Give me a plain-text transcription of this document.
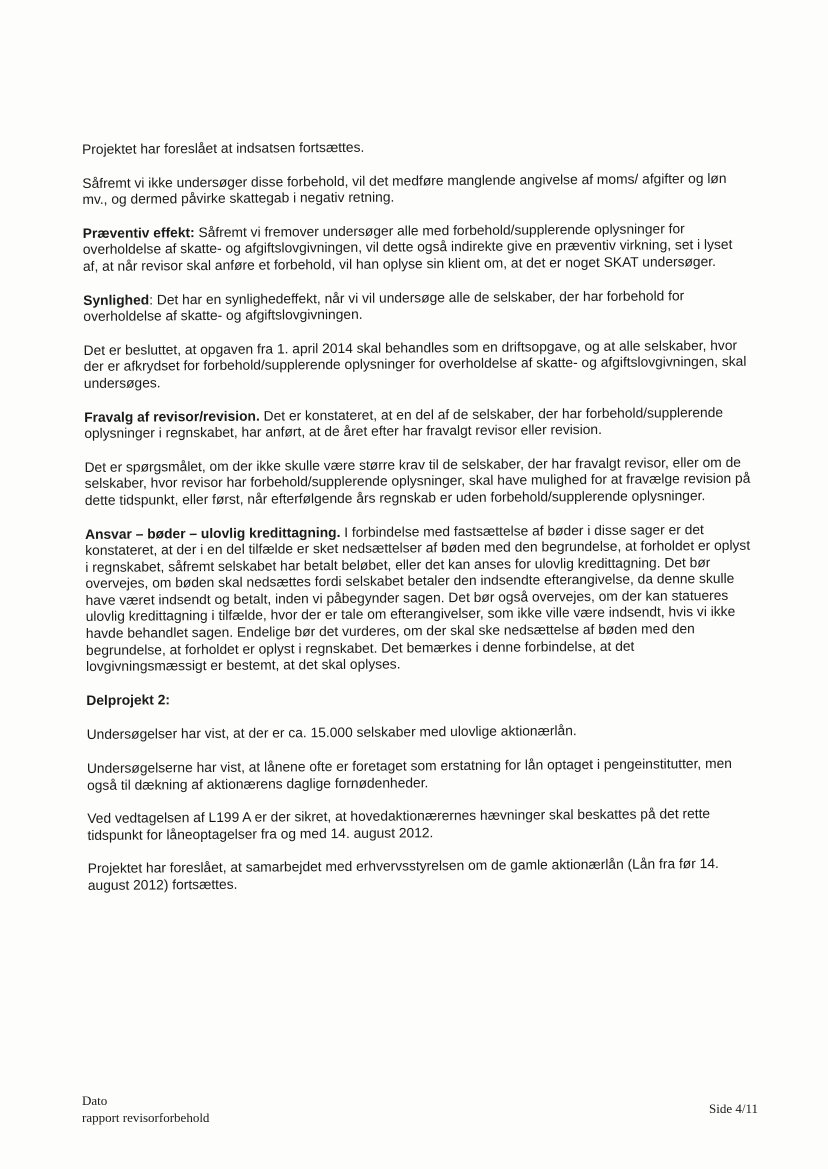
Projektet har foreslået at indsatsen fortsættes.

Såfremt vi ikke undersøger disse forbehold, vil det medføre manglende angivelse af moms/ afgifter og løn mv., og dermed påvirke skattegab i negativ retning.

Præventiv effekt: Såfremt vi fremover undersøger alle med forbehold/supplerende oplysninger for overholdelse af skatte- og afgiftslovgivningen, vil dette også indirekte give en præventiv virkning, set i lyset af, at når revisor skal anføre et forbehold, vil han oplyse sin klient om, at det er noget SKAT undersøger.

Synlighed: Det har en synlighedeffekt, når vi vil undersøge alle de selskaber, der har forbehold for overholdelse af skatte- og afgiftslovgivningen.

Det er besluttet, at opgaven fra 1. april 2014 skal behandles som en driftsopgave, og at alle selskaber, hvor der er afkrydset for forbehold/supplerende oplysninger for overholdelse af skatte- og afgiftslovgivningen, skal undersøges.

Fravalg af revisor/revision. Det er konstateret, at en del af de selskaber, der har forbehold/supplerende oplysninger i regnskabet, har anført, at de året efter har fravalgt revisor eller revision.

Det er spørgsmålet, om der ikke skulle være større krav til de selskaber, der har fravalgt revisor, eller om de selskaber, hvor revisor har forbehold/supplerende oplysninger, skal have mulighed for at fravælge revision på dette tidspunkt, eller først, når efterfølgende års regnskab er uden forbehold/supplerende oplysninger.

Ansvar – bøder – ulovlig kredittagning. I forbindelse med fastsættelse af bøder i disse sager er det konstateret, at der i en del tilfælde er sket nedsættelser af bøden med den begrundelse, at forholdet er oplyst i regnskabet, såfremt selskabet har betalt beløbet, eller det kan anses for ulovlig kredittagning. Det bør overvejes, om bøden skal nedsættes fordi selskabet betaler den indsendte efterangivelse, da denne skulle have været indsendt og betalt, inden vi påbegynder sagen. Det bør også overvejes, om der kan statueres ulovlig kredittagning i tilfælde, hvor der er tale om efterangivelser, som ikke ville være indsendt, hvis vi ikke havde behandlet sagen. Endelige bør det vurderes, om der skal ske nedsættelse af bøden med den begrundelse, at forholdet er oplyst i regnskabet. Det bemærkes i denne forbindelse, at det lovgivningsmæssigt er bestemt, at det skal oplyses.

Delprojekt 2:

Undersøgelser har vist, at der er ca. 15.000 selskaber med ulovlige aktionærlån.

Undersøgelserne har vist, at lånene ofte er foretaget som erstatning for lån optaget i pengeinstitutter, men også til dækning af aktionærens daglige fornødenheder.

Ved vedtagelsen af L199 A er der sikret, at hovedaktionærernes hævninger skal beskattes på det rette tidspunkt for låneoptagelser fra og med 14. august 2012.

Projektet har foreslået, at samarbejdet med erhvervsstyrelsen om de gamle aktionærlån (Lån fra før 14. august 2012) fortsættes.

Dato
rapport revisorforbehold
Side 4/11
